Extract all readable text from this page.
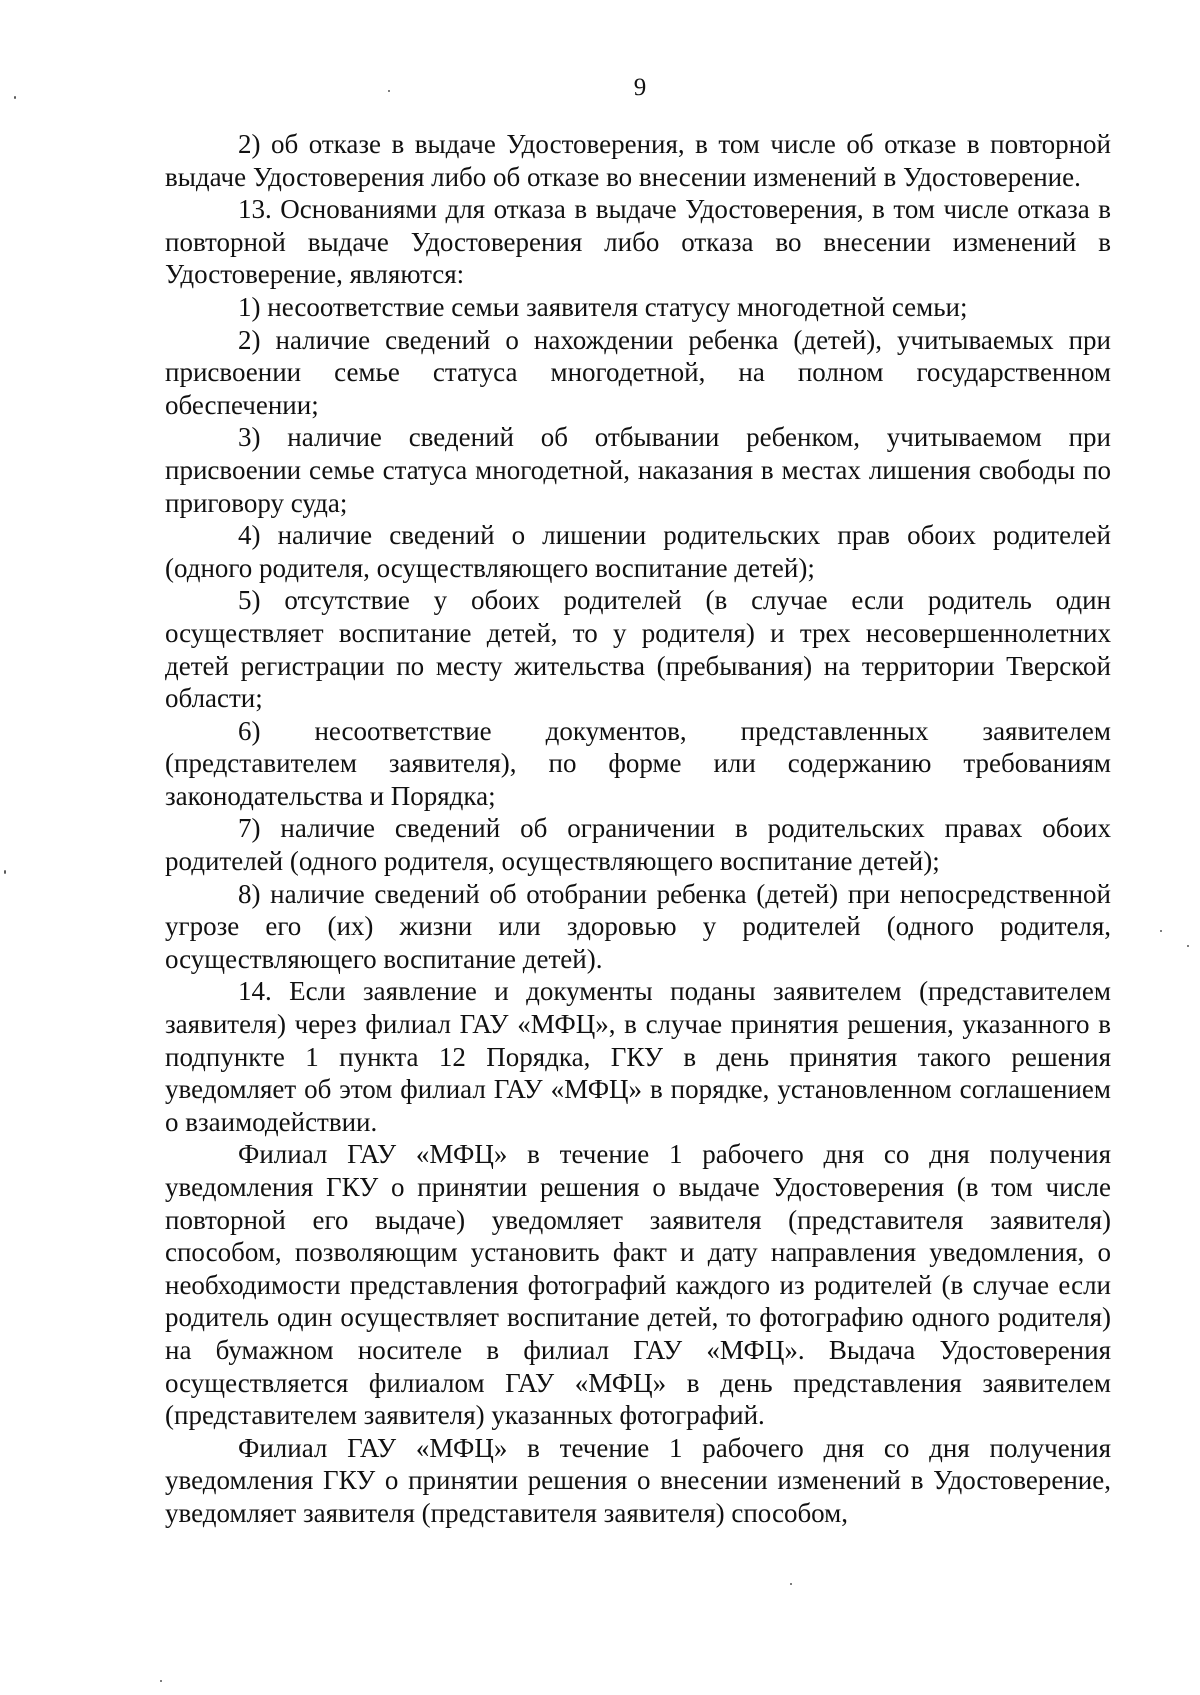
9

2) об отказе в выдаче Удостоверения, в том числе об отказе в повторной выдаче Удостоверения либо об отказе во внесении изменений в Удостоверение.

13. Основаниями для отказа в выдаче Удостоверения, в том числе отказа в повторной выдаче Удостоверения либо отказа во внесении изменений в Удостоверение, являются:

1) несоответствие семьи заявителя статусу многодетной семьи;

2) наличие сведений о нахождении ребенка (детей), учитываемых при присвоении семье статуса многодетной, на полном государственном обеспечении;

3) наличие сведений об отбывании ребенком, учитываемом при присвоении семье статуса многодетной, наказания в местах лишения свободы по приговору суда;

4) наличие сведений о лишении родительских прав обоих родителей (одного родителя, осуществляющего воспитание детей);

5) отсутствие у обоих родителей (в случае если родитель один осуществляет воспитание детей, то у родителя) и трех несовершеннолетних детей регистрации по месту жительства (пребывания) на территории Тверской области;

6) несоответствие документов, представленных заявителем (представителем заявителя), по форме или содержанию требованиям законодательства и Порядка;

7) наличие сведений об ограничении в родительских правах обоих родителей (одного родителя, осуществляющего воспитание детей);

8) наличие сведений об отобрании ребенка (детей) при непосредственной угрозе его (их) жизни или здоровью у родителей (одного родителя, осуществляющего воспитание детей).

14. Если заявление и документы поданы заявителем (представителем заявителя) через филиал ГАУ «МФЦ», в случае принятия решения, указанного в подпункте 1 пункта 12 Порядка, ГКУ в день принятия такого решения уведомляет об этом филиал ГАУ «МФЦ» в порядке, установленном соглашением о взаимодействии.

Филиал ГАУ «МФЦ» в течение 1 рабочего дня со дня получения уведомления ГКУ о принятии решения о выдаче Удостоверения (в том числе повторной его выдаче) уведомляет заявителя (представителя заявителя) способом, позволяющим установить факт и дату направления уведомления, о необходимости представления фотографий каждого из родителей (в случае если родитель один осуществляет воспитание детей, то фотографию одного родителя) на бумажном носителе в филиал ГАУ «МФЦ». Выдача Удостоверения осуществляется филиалом ГАУ «МФЦ» в день представления заявителем (представителем заявителя) указанных фотографий.

Филиал ГАУ «МФЦ» в течение 1 рабочего дня со дня получения уведомления ГКУ о принятии решения о внесении изменений в Удостоверение, уведомляет заявителя (представителя заявителя) способом,
